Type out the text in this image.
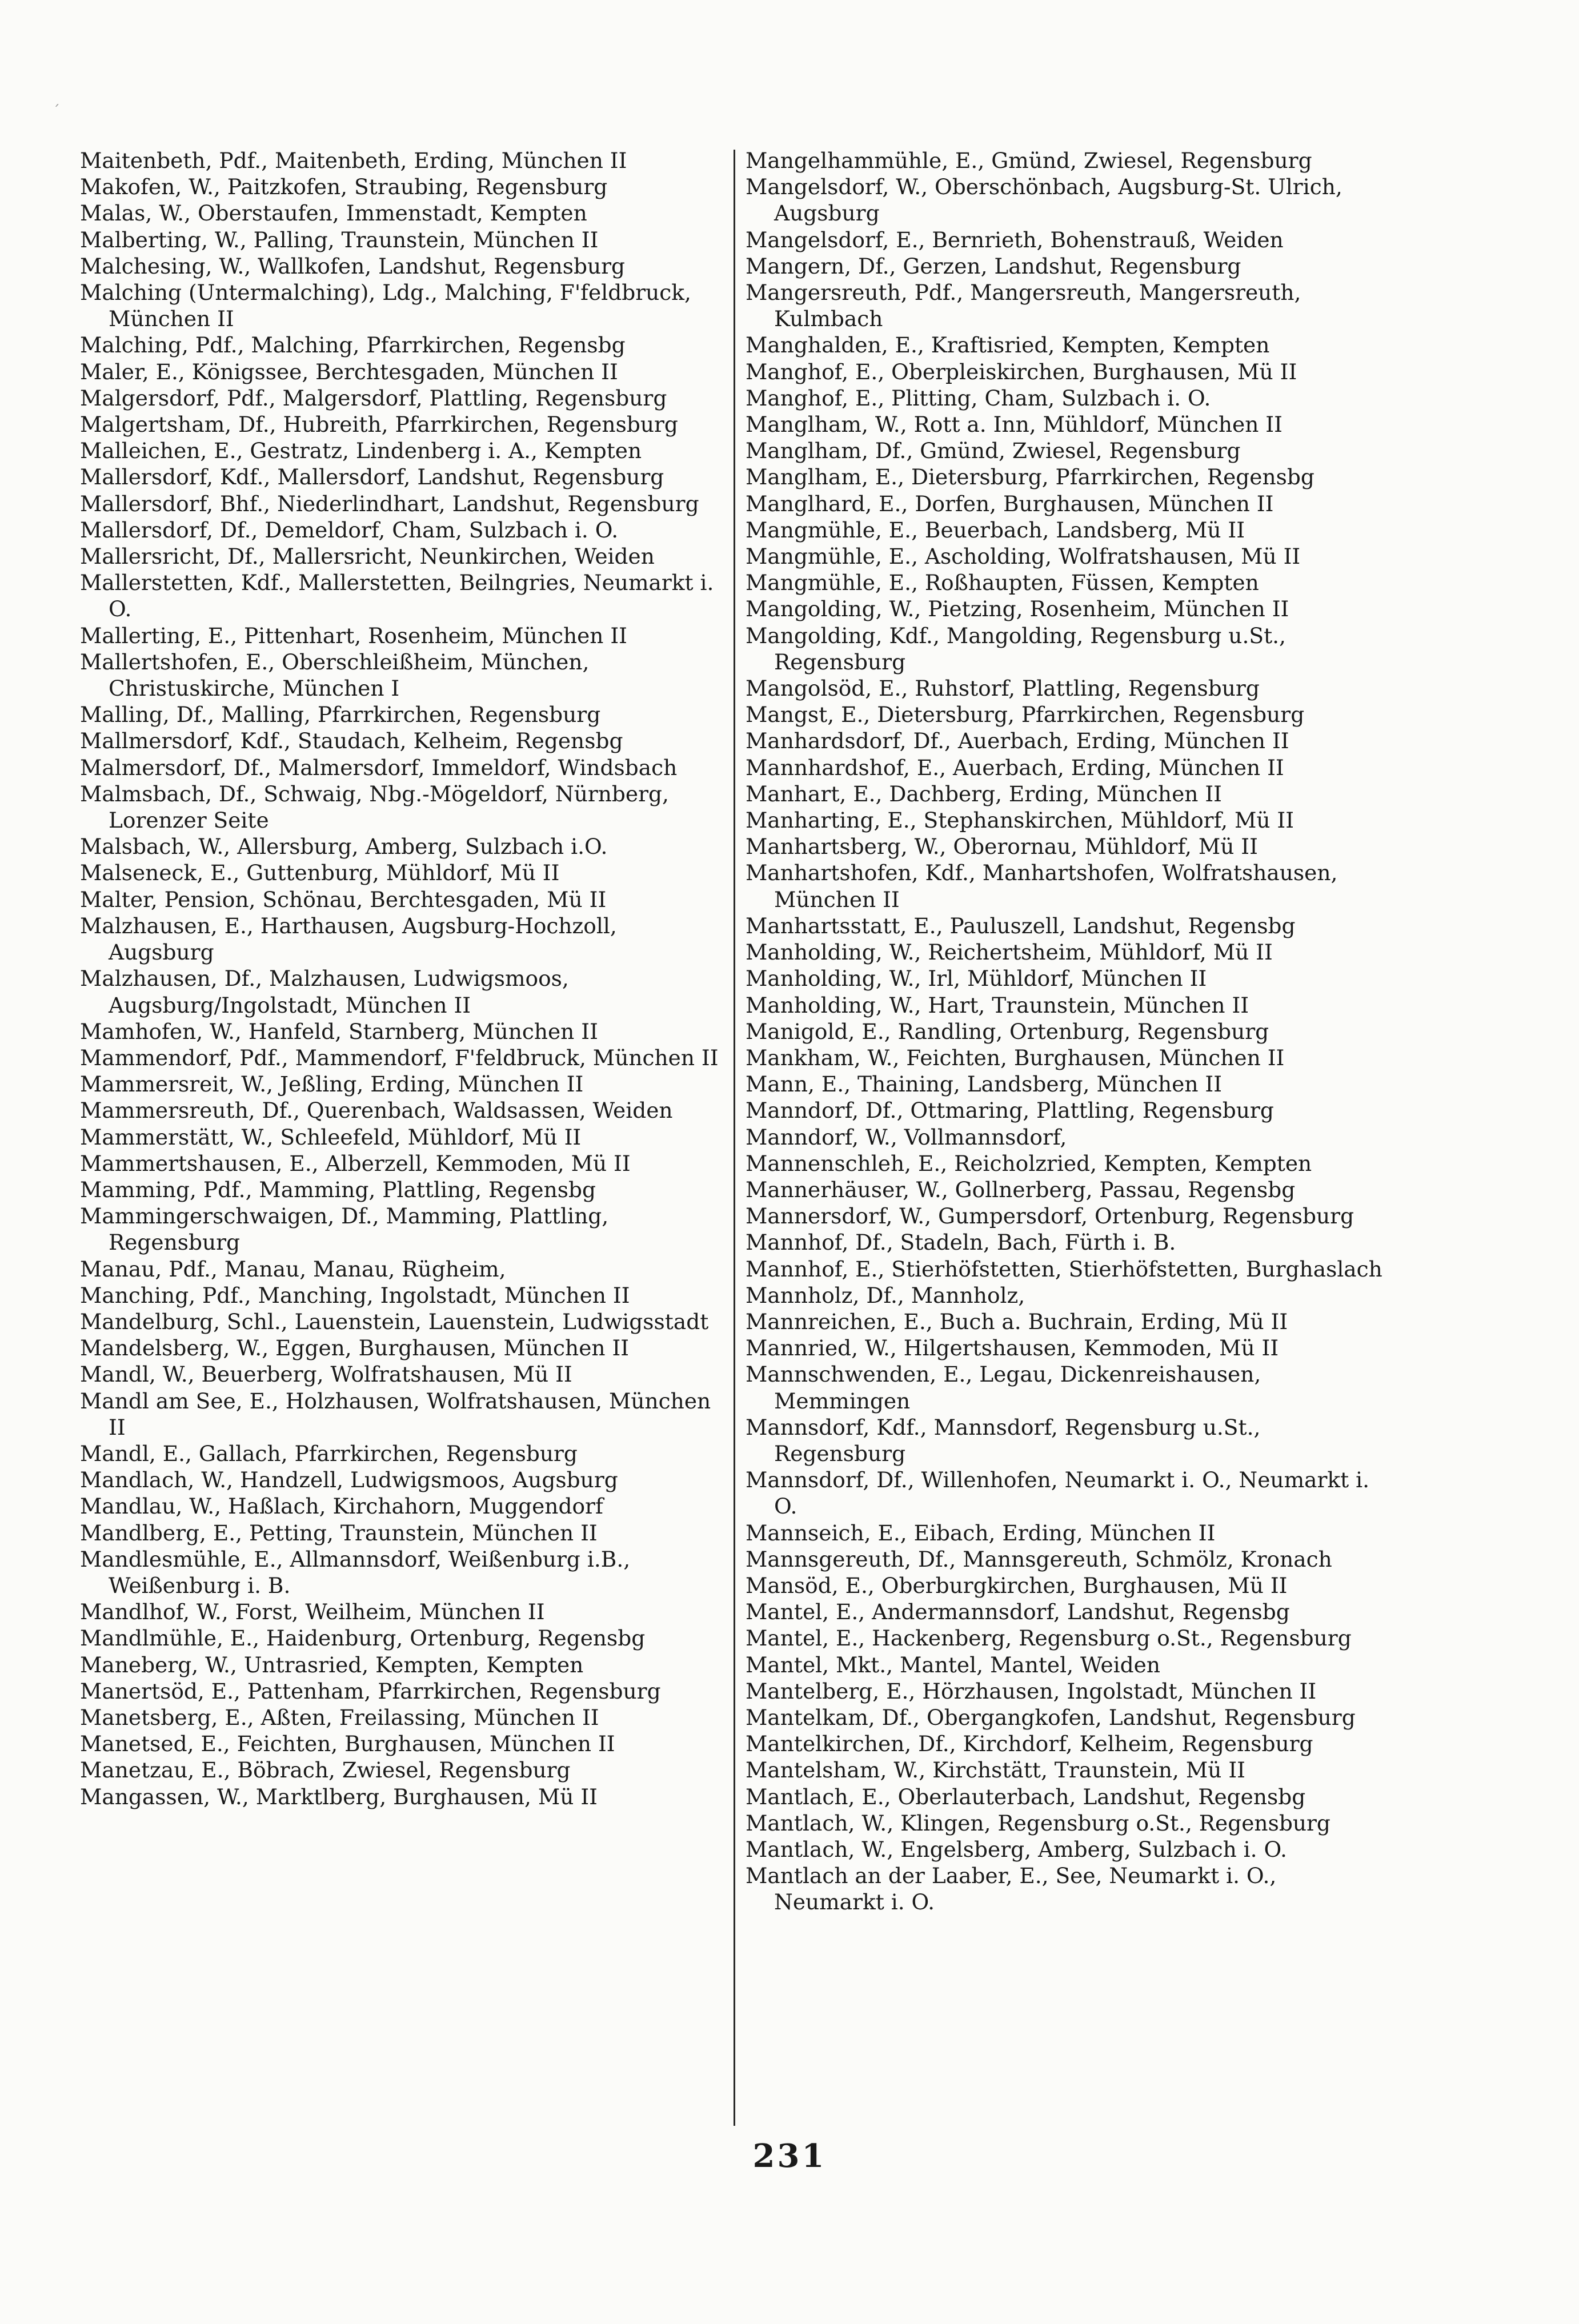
´

Maitenbeth, Pdf., Maitenbeth, Erding, München II

Makofen, W., Paitzkofen, Straubing, Regensburg

Malas, W., Oberstaufen, Immenstadt, Kempten

Malberting, W., Palling, Traunstein, München II

Malchesing, W., Wallkofen, Landshut, Regensburg

Malching (Untermalching), Ldg., Malching, F'feldbruck, München II

Malching, Pdf., Malching, Pfarrkirchen, Regensbg

Maler, E., Königssee, Berchtesgaden, München II

Malgersdorf, Pdf., Malgersdorf, Plattling, Regensburg

Malgertsham, Df., Hubreith, Pfarrkirchen, Regensburg

Malleichen, E., Gestratz, Lindenberg i. A., Kempten

Mallersdorf, Kdf., Mallersdorf, Landshut, Regensburg

Mallersdorf, Bhf., Niederlindhart, Landshut, Regensburg

Mallersdorf, Df., Demeldorf, Cham, Sulzbach i. O.

Mallersricht, Df., Mallersricht, Neunkirchen, Weiden

Mallerstetten, Kdf., Mallerstetten, Beilngries, Neumarkt i. O.

Mallerting, E., Pittenhart, Rosenheim, München II

Mallertshofen, E., Oberschleißheim, München, Christuskirche, München I

Malling, Df., Malling, Pfarrkirchen, Regensburg

Mallmersdorf, Kdf., Staudach, Kelheim, Regensbg

Malmersdorf, Df., Malmersdorf, Immeldorf, Windsbach

Malmsbach, Df., Schwaig, Nbg.-Mögeldorf, Nürnberg, Lorenzer Seite

Malsbach, W., Allersburg, Amberg, Sulzbach i.O.

Malseneck, E., Guttenburg, Mühldorf, Mü II

Malter, Pension, Schönau, Berchtesgaden, Mü II

Malzhausen, E., Harthausen, Augsburg-Hochzoll, Augsburg

Malzhausen, Df., Malzhausen, Ludwigsmoos, Augsburg/Ingolstadt, München II

Mamhofen, W., Hanfeld, Starnberg, München II

Mammendorf, Pdf., Mammendorf, F'feldbruck, München II

Mammersreit, W., Jeßling, Erding, München II

Mammersreuth, Df., Querenbach, Waldsassen, Weiden

Mammerstätt, W., Schleefeld, Mühldorf, Mü II

Mammertshausen, E., Alberzell, Kemmoden, Mü II

Mamming, Pdf., Mamming, Plattling, Regensbg

Mammingerschwaigen, Df., Mamming, Plattling, Regensburg

Manau, Pdf., Manau, Manau, Rügheim,

Manching, Pdf., Manching, Ingolstadt, München II

Mandelburg, Schl., Lauenstein, Lauenstein, Ludwigsstadt

Mandelsberg, W., Eggen, Burghausen, München II

Mandl, W., Beuerberg, Wolfratshausen, Mü II

Mandl am See, E., Holzhausen, Wolfratshausen, München II

Mandl, E., Gallach, Pfarrkirchen, Regensburg

Mandlach, W., Handzell, Ludwigsmoos, Augsburg

Mandlau, W., Haßlach, Kirchahorn, Muggendorf

Mandlberg, E., Petting, Traunstein, München II

Mandlesmühle, E., Allmannsdorf, Weißenburg i.B., Weißenburg i. B.

Mandlhof, W., Forst, Weilheim, München II

Mandlmühle, E., Haidenburg, Ortenburg, Regensbg

Maneberg, W., Untrasried, Kempten, Kempten

Manertsöd, E., Pattenham, Pfarrkirchen, Regensburg

Manetsberg, E., Aßten, Freilassing, München II

Manetsed, E., Feichten, Burghausen, München II

Manetzau, E., Böbrach, Zwiesel, Regensburg

Mangassen, W., Marktlberg, Burghausen, Mü II

Mangelhammühle, E., Gmünd, Zwiesel, Regensburg

Mangelsdorf, W., Oberschönbach, Augsburg-St. Ulrich, Augsburg

Mangelsdorf, E., Bernrieth, Bohenstrauß, Weiden

Mangern, Df., Gerzen, Landshut, Regensburg

Mangersreuth, Pdf., Mangersreuth, Mangersreuth, Kulmbach

Manghalden, E., Kraftisried, Kempten, Kempten

Manghof, E., Oberpleiskirchen, Burghausen, Mü II

Manghof, E., Plitting, Cham, Sulzbach i. O.

Manglham, W., Rott a. Inn, Mühldorf, München II

Manglham, Df., Gmünd, Zwiesel, Regensburg

Manglham, E., Dietersburg, Pfarrkirchen, Regensbg

Manglhard, E., Dorfen, Burghausen, München II

Mangmühle, E., Beuerbach, Landsberg, Mü II

Mangmühle, E., Ascholding, Wolfratshausen, Mü II

Mangmühle, E., Roßhaupten, Füssen, Kempten

Mangolding, W., Pietzing, Rosenheim, München II

Mangolding, Kdf., Mangolding, Regensburg u.St., Regensburg

Mangolsöd, E., Ruhstorf, Plattling, Regensburg

Mangst, E., Dietersburg, Pfarrkirchen, Regensburg

Manhardsdorf, Df., Auerbach, Erding, München II

Mannhardshof, E., Auerbach, Erding, München II

Manhart, E., Dachberg, Erding, München II

Manharting, E., Stephanskirchen, Mühldorf, Mü II

Manhartsberg, W., Oberornau, Mühldorf, Mü II

Manhartshofen, Kdf., Manhartshofen, Wolfratshausen, München II

Manhartsstatt, E., Pauluszell, Landshut, Regensbg

Manholding, W., Reichertsheim, Mühldorf, Mü II

Manholding, W., Irl, Mühldorf, München II

Manholding, W., Hart, Traunstein, München II

Manigold, E., Randling, Ortenburg, Regensburg

Mankham, W., Feichten, Burghausen, München II

Mann, E., Thaining, Landsberg, München II

Manndorf, Df., Ottmaring, Plattling, Regensburg

Manndorf, W., Vollmannsdorf,

Mannenschleh, E., Reicholzried, Kempten, Kempten

Mannerhäuser, W., Gollnerberg, Passau, Regensbg

Mannersdorf, W., Gumpersdorf, Ortenburg, Regensburg

Mannhof, Df., Stadeln, Bach, Fürth i. B.

Mannhof, E., Stierhöfstetten, Stierhöfstetten, Burghaslach

Mannholz, Df., Mannholz,

Mannreichen, E., Buch a. Buchrain, Erding, Mü II

Mannried, W., Hilgertshausen, Kemmoden, Mü II

Mannschwenden, E., Legau, Dickenreishausen, Memmingen

Mannsdorf, Kdf., Mannsdorf, Regensburg u.St., Regensburg

Mannsdorf, Df., Willenhofen, Neumarkt i. O., Neumarkt i. O.

Mannseich, E., Eibach, Erding, München II

Mannsgereuth, Df., Mannsgereuth, Schmölz, Kronach

Mansöd, E., Oberburgkirchen, Burghausen, Mü II

Mantel, E., Andermannsdorf, Landshut, Regensbg

Mantel, E., Hackenberg, Regensburg o.St., Regensburg

Mantel, Mkt., Mantel, Mantel, Weiden

Mantelberg, E., Hörzhausen, Ingolstadt, München II

Mantelkam, Df., Obergangkofen, Landshut, Regensburg

Mantelkirchen, Df., Kirchdorf, Kelheim, Regensburg

Mantelsham, W., Kirchstätt, Traunstein, Mü II

Mantlach, E., Oberlauterbach, Landshut, Regensbg

Mantlach, W., Klingen, Regensburg o.St., Regensburg

Mantlach, W., Engelsberg, Amberg, Sulzbach i. O.

Mantlach an der Laaber, E., See, Neumarkt i. O., Neumarkt i. O.

231
